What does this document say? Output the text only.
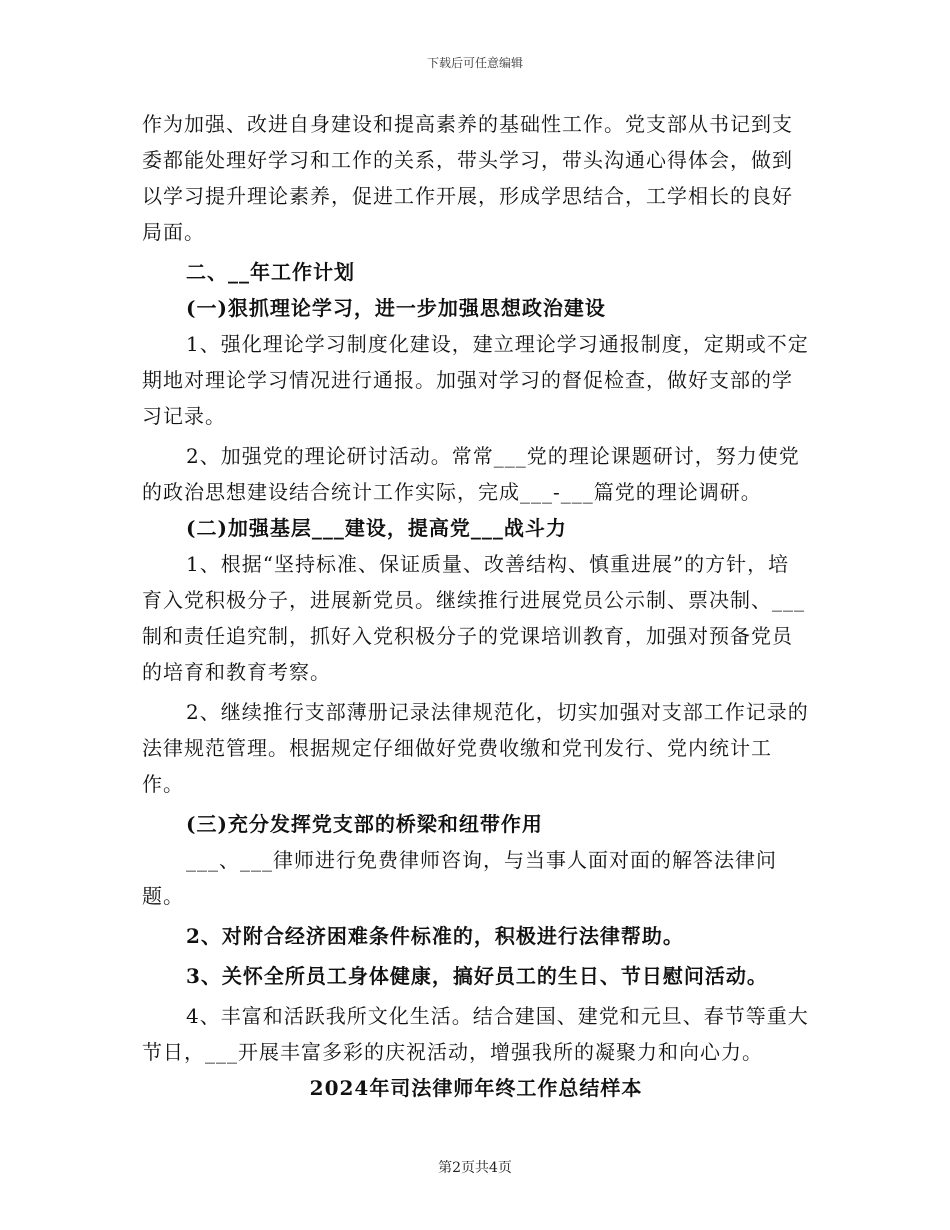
下载后可任意编辑

作为加强、改进自身建设和提高素养的基础性工作。党支部从书记到支委都能处理好学习和工作的关系，带头学习，带头沟通心得体会，做到以学习提升理论素养，促进工作开展，形成学思结合，工学相长的良好局面。

二、__年工作计划

(一)狠抓理论学习，进一步加强思想政治建设

1、强化理论学习制度化建设，建立理论学习通报制度，定期或不定期地对理论学习情况进行通报。加强对学习的督促检查，做好支部的学习记录。

2、加强党的理论研讨活动。常常___党的理论课题研讨，努力使党的政治思想建设结合统计工作实际，完成___-___篇党的理论调研。

(二)加强基层___建设，提高党___战斗力

1、根据“坚持标准、保证质量、改善结构、慎重进展”的方针，培育入党积极分子，进展新党员。继续推行进展党员公示制、票决制、___制和责任追究制，抓好入党积极分子的党课培训教育，加强对预备党员的培育和教育考察。

2、继续推行支部薄册记录法律规范化，切实加强对支部工作记录的法律规范管理。根据规定仔细做好党费收缴和党刊发行、党内统计工作。

(三)充分发挥党支部的桥梁和纽带作用

___、___律师进行免费律师咨询，与当事人面对面的解答法律问题。

2、对附合经济困难条件标准的，积极进行法律帮助。

3、关怀全所员工身体健康，搞好员工的生日、节日慰问活动。

4、丰富和活跃我所文化生活。结合建国、建党和元旦、春节等重大节日，___开展丰富多彩的庆祝活动，增强我所的凝聚力和向心力。

2024年司法律师年终工作总结样本

第2页共4页
